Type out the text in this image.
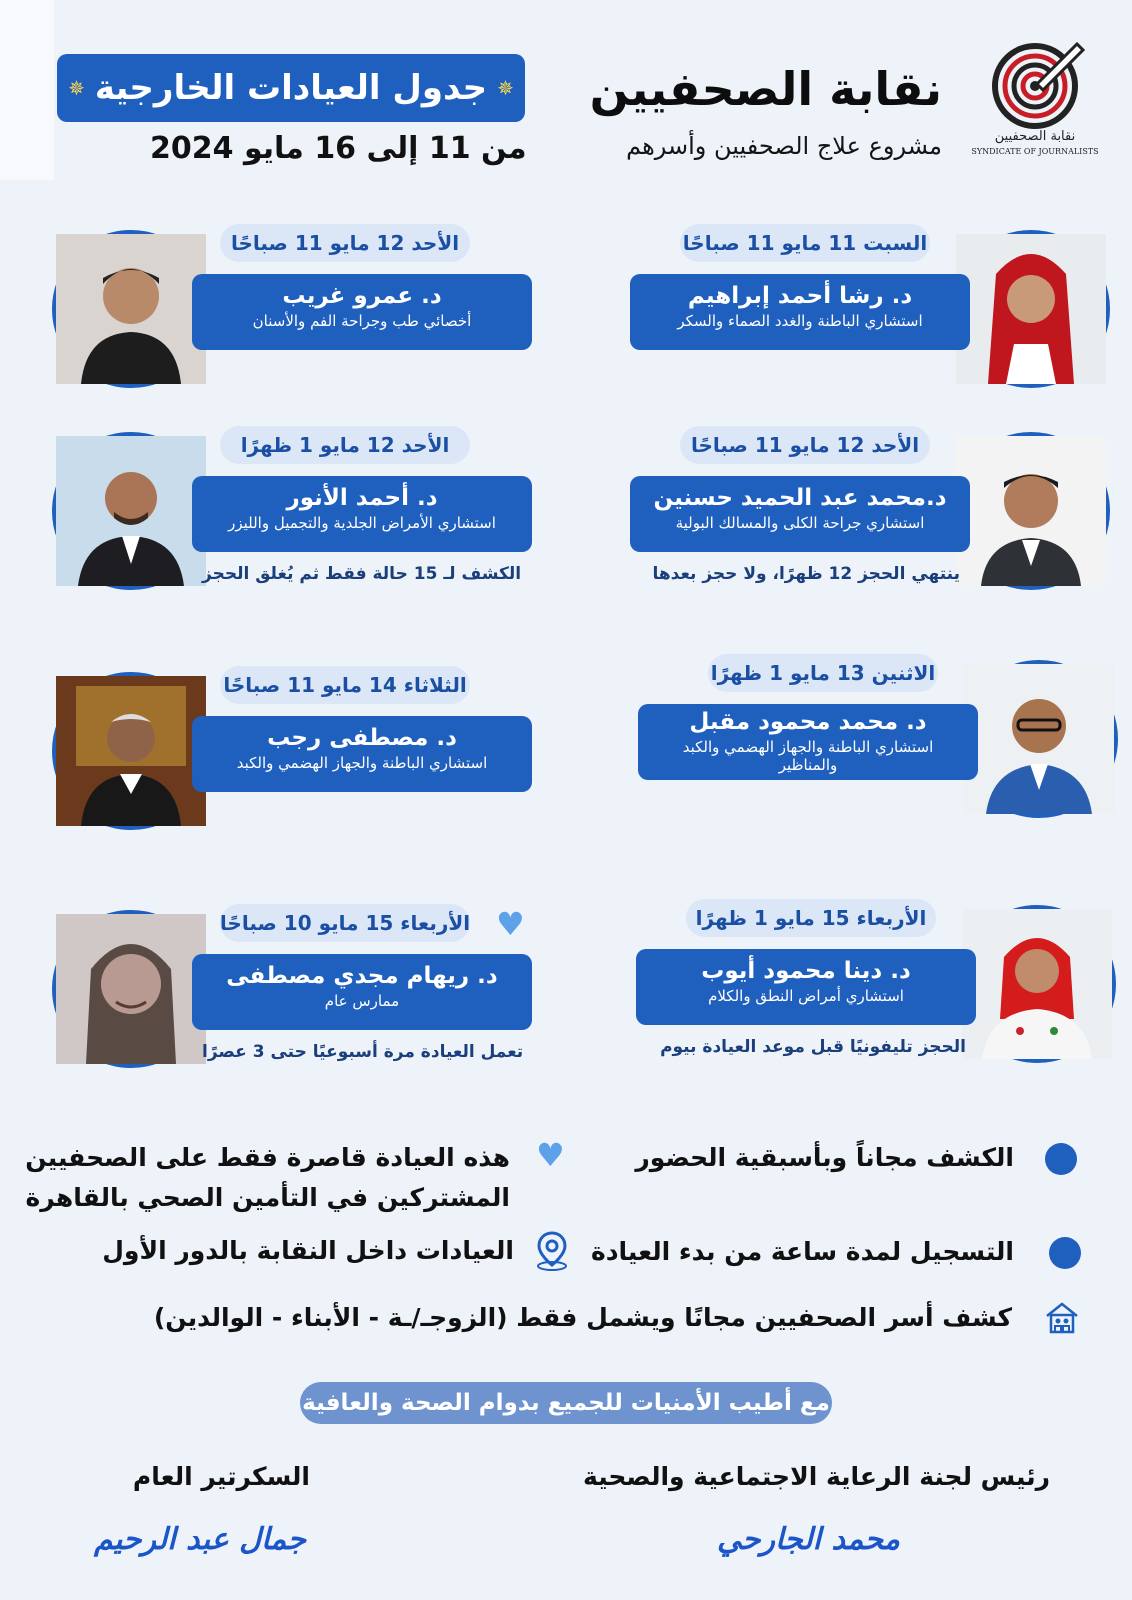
نقابة الصحفيين
SYNDICATE OF JOURNALISTS
نقابة الصحفيين
مشروع علاج الصحفيين وأسرهم
✵
جدول العيادات الخارجية
✵
من 11 إلى 16 مايو 2024
السبت 11 مايو 11 صباحًا
د. رشا أحمد إبراهيم
استشاري الباطنة والغدد الصماء والسكر
الأحد 12 مايو 11 صباحًا
د. عمرو غريب
أخصائي طب وجراحة الفم والأسنان
الأحد 12 مايو 11 صباحًا
د.محمد عبد الحميد حسنين
استشاري جراحة الكلى والمسالك البولية
ينتهي الحجز 12 ظهرًا، ولا حجز بعدها
الأحد 12 مايو 1 ظهرًا
د. أحمد الأنور
استشاري الأمراض الجلدية والتجميل والليزر
الكشف لـ 15 حالة فقط ثم يُغلق الحجز
الاثنين 13 مايو 1 ظهرًا
د. محمد محمود مقبل
استشاري الباطنة والجهاز الهضمي والكبد والمناظير
الثلاثاء 14 مايو 11 صباحًا
د. مصطفى رجب
استشاري الباطنة والجهاز الهضمي والكبد
الأربعاء 15 مايو 1 ظهرًا
د. دينا محمود أيوب
استشاري أمراض النطق والكلام
الحجز تليفونيًا قبل موعد العيادة بيوم
الأربعاء 15 مايو 10 صباحًا
د. ريهام مجدي مصطفى
ممارس عام
تعمل العيادة مرة أسبوعيًا حتى 3 عصرًا
♥
الكشف مجاناً وبأسبقية الحضور
التسجيل لمدة ساعة من بدء العيادة
♥
هذه العيادة قاصرة فقط على الصحفيين
المشتركين في التأمين الصحي بالقاهرة
العيادات داخل النقابة بالدور الأول
كشف أسر الصحفيين مجانًا ويشمل فقط (الزوجـ/ـة - الأبناء - الوالدين)
مع أطيب الأمنيات للجميع بدوام الصحة والعافية
رئيس لجنة الرعاية الاجتماعية والصحية
محمد الجارحي
السكرتير العام
جمال عبد الرحيم
